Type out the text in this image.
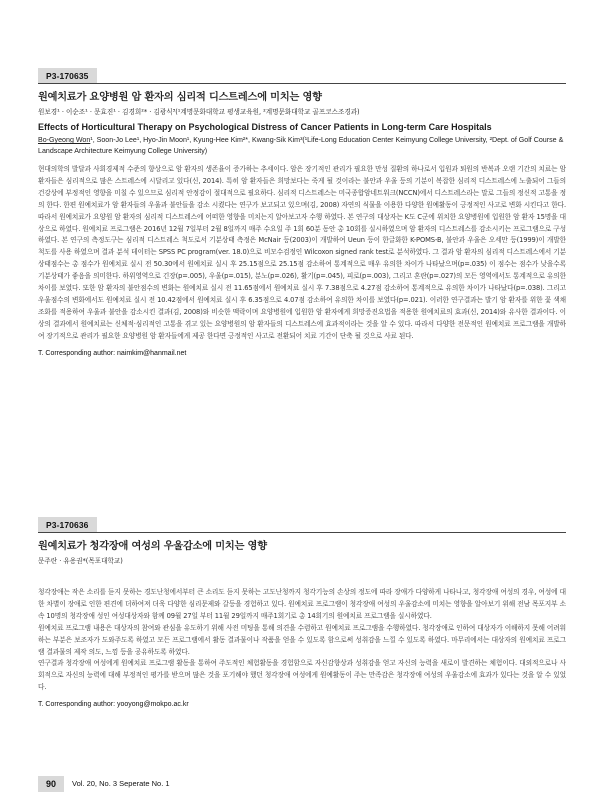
P3-170635
원예치료가 요양병원 암 환자의 심리적 디스트레스에 미치는 영향
원보경¹ · 이순조¹ · 문효진¹ · 김경희²* · 김광식³(¹계명문화대학교 평생교육원, ²계명문화대학교 골프코스조경과)
Effects of Horticultural Therapy on Psychological Distress of Cancer Patients in Long-term Care Hospitals
Bo-Gyeong Won¹, Soon-Jo Lee¹, Hyo-Jin Moon¹, Kyung-Hee Kim²*, Kwang-Sik Kim³(¹Life-Long Education Center Keimyung College University, ²Dept. of Golf Course & Landscape Architecture Keimyung College University)

현대의학의 발달과 사회경제적 수준의 향상으로 암 환자의 생존율이 증가하는 추세이다. 암은 장기적인 관리가 필요한 만성 질환의 하나로서 입원과 퇴원의 반복과 오랜 기간의 치료는 암 환자들은 심리적으로 많은 스트레스에 시달리고 있다(신, 2014). 특히 암 환자들은 희망보다는 죽게 될 것이라는 불안과 우울 등의 기분이 복잡한 심리적 디스트레스에 노출되어 그들의 건강상에 부정적인 영향을 미칠 수 있으므로 심리적 안정감이 절대적으로 필요하다. 심리적 디스트레스는 미국종합암네트워크(NCCN)에서 디스트레스라는 말로 그들의 정신적 고통을 정의 한다. 한편 원예치료가 암 환자들의 우울과 불안들을 감소 시켰다는 연구가 보고되고 있으며(김, 2008) 자연의 식물을 이용한 다양한 원예활동이 긍정적인 사고로 변화 시킨다고 한다. 따라서 원예치료가 요양원 암 환자의 심리적 디스트레스에 어떠한 영향을 미치는지 알아보고자 수행 하였다. 본 연구의 대상자는 K도 C군에 위치한 요양병원에 입원한 암 환자 15명을 대상으로 하였다. 원예치료 프로그램은 2016년 12월 7일부터 2월 8일까지 매주 수요일 주 1회 60분 동안 총 10회를 실시하였으며 암 환자의 디스트레스를 감소시키는 프로그램으로 구성하였다. 본 연구의 측정도구는 심리적 디스트레스 척도로서 기분상태 측정은 McNair 등(2003)이 개발하여 Ueun 등이 한글화한 K-POMS-B, 불안과 우울은 오세만 등(1999)이 개발한 척도를 사용 하였으며 결과 분석 데이터는 SPSS PC program(ver. 18.0)으로 비모수검정인 Wilcoxon signed rank test로 분석하였다. 그 결과 암 환자의 심리적 디스트레스에서 기분상태점수는 총 점수가 원예치료 실시 전 50.30에서 원예치료 실시 후 25.15점으로 25.15점 감소하여 통계적으로 매우 유의한 차이가 나타났으며(p=.035) 이 점수는 점수가 낮을수록 기분상태가 좋음을 의미한다. 하위영역으로 긴장(p=.005), 우울(p=.015), 분노(p=.026), 활기(p=.045), 피로(p=.003), 그리고 혼란(p=.027)의 모든 영역에서도 통계적으로 유의한 차이를 보였다. 또한 암 환자의 불안점수의 변화는 원예치료 실시 전 11.65점에서 원예치료 실시 후 7.38점으로 4.27점 감소하여 통계적으로 유의한 차이가 나타났다(p=.038). 그리고 우울점수의 변화에서도 원예치료 실시 전 10.42점에서 원예치료 실시 후 6.35점으로 4.07점 감소하여 유의한 차이를 보였다(p=.021). 이러한 연구결과는 발기 암 환자를 위한 꽃 색채조화를 적용하여 우울과 불안을 감소시킨 결과(김, 2008)와 비슷한 맥락이며 요양병원에 입원한 암 환자에게 희망증진요법을 적용한 원예치료의 효과(신, 2014)와 유사한 결과이다. 이상의 결과에서 원예치료는 신체적·심리적인 고통을 겪고 있는 요양병원의 암 환자들의 디스트레스에 효과적이라는 것을 알 수 있다. 따라서 다양한 전문적인 원예치료 프로그램을 개발하여 장기적으로 관리가 필요한 요양병원 암 환자들에게 제공 한다면 긍정적인 사고로 전환되어 치료 기간이 단축 될 것으로 사료 된다.

T. Corresponding author: naimkim@hanmail.net
P3-170636
원예치료가 청각장애 여성의 우울감소에 미치는 영향
문주란 · 유용권*(목포대학교)

청각장애는 작은 소리를 듣지 못하는 경도난청에서부터 큰 소리도 듣지 못하는 고도난청까지 청각기능의 손상의 정도에 따라 장애가 다양하게 나타나고, 청각장애 여성의 경우, 여성에 대한 차별이 장애로 인한 편견에 더하여져 더욱 다양한 심리문제와 갈등을 경험하고 있다. 원예치료 프로그램이 청각장애 여성의 우울감소에 미치는 영향을 알아보기 위해 전남 목포지부 소속 10명의 청각장애 성인 여성대상자와 함께 09월 27일 부터 11월 29일까지 매주1회기로 총 14회기의 원예치료 프로그램을 실시하였다.

원예치료 프로그램 내용은 대상자의 참여와 관심을 유도하기 위해 사전 미팅을 통해 의견을 수렴하고 원예치료 프로그램을 수행하였다. 청각장애로 인하여 대상자가 이해하지 못해 어려워하는 부분은 보조자가 도와주도록 하였고 모든 프로그램에서 활동 결과물이나 작품을 얻을 수 있도록 함으로써 성취감을 느낄 수 있도록 하였다. 마무리에서는 대상자의 원예치료 프로그램 결과물의 제작 의도, 느낌 등을 공유하도록 하였다.

연구결과 청각장애 여성에게 원예치료 프로그램 활동을 통하여 주도적인 체험활동을 경험함으로 자신감향상과 성취감을 얻고 자신의 능력을 새로이 발견하는 체험이다. 대외적으로나 사회적으로 자신의 능력에 대해 부정적인 평가를 받으며 많은 것을 포기해야 했던 청각장애 여성에게 원예활동이 주는 만족감은 청각장애 여성의 우울감소에 효과가 있다는 것을 알 수 있었다.

T. Corresponding author: yooyong@mokpo.ac.kr
90	Vol. 20, No. 3 Seperate No. 1
